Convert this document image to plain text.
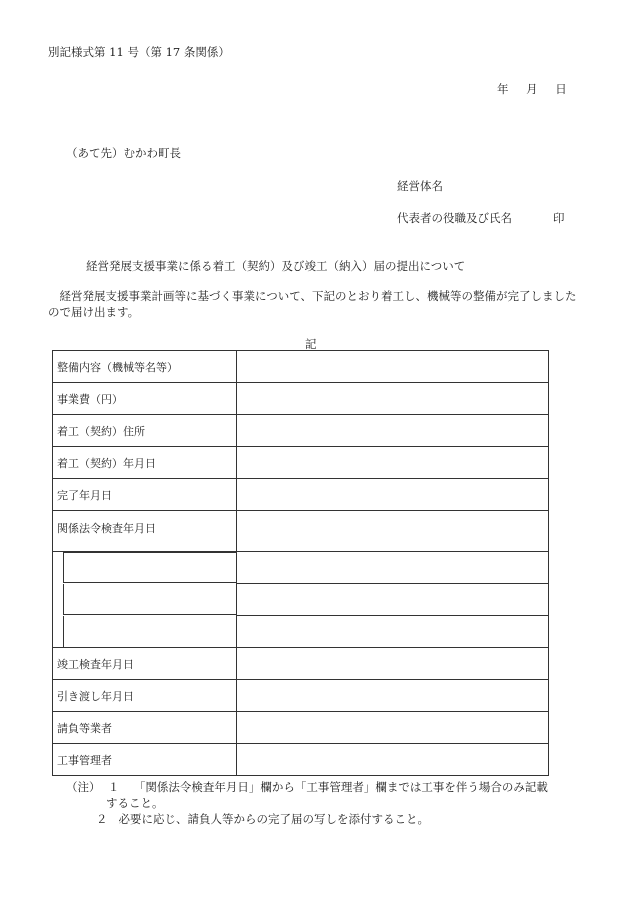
別記様式第 11 号（第 17 条関係）
年 月 日
（あて先）むかわ町長
経営体名
代表者の役職及び氏名	印
経営発展支援事業に係る着工（契約）及び竣工（納入）届の提出について
　経営発展支援事業計画等に基づく事業について、下記のとおり着工し、機械等の整備が完了しましたので届け出ます。
記
整備内容（機械等名等）	
事業費（円）	
着工（契約）住所	
着工（契約）年月日	
完了年月日	
関係法令検査年月日	

竣工検査年月日	
引き渡し年月日	
請負等業者	
工事管理者	
（注） １ 「関係法令検査年月日」欄から「工事管理者」欄までは工事を伴う場合のみ記載
すること。
２ 必要に応じ、請負人等からの完了届の写しを添付すること。
